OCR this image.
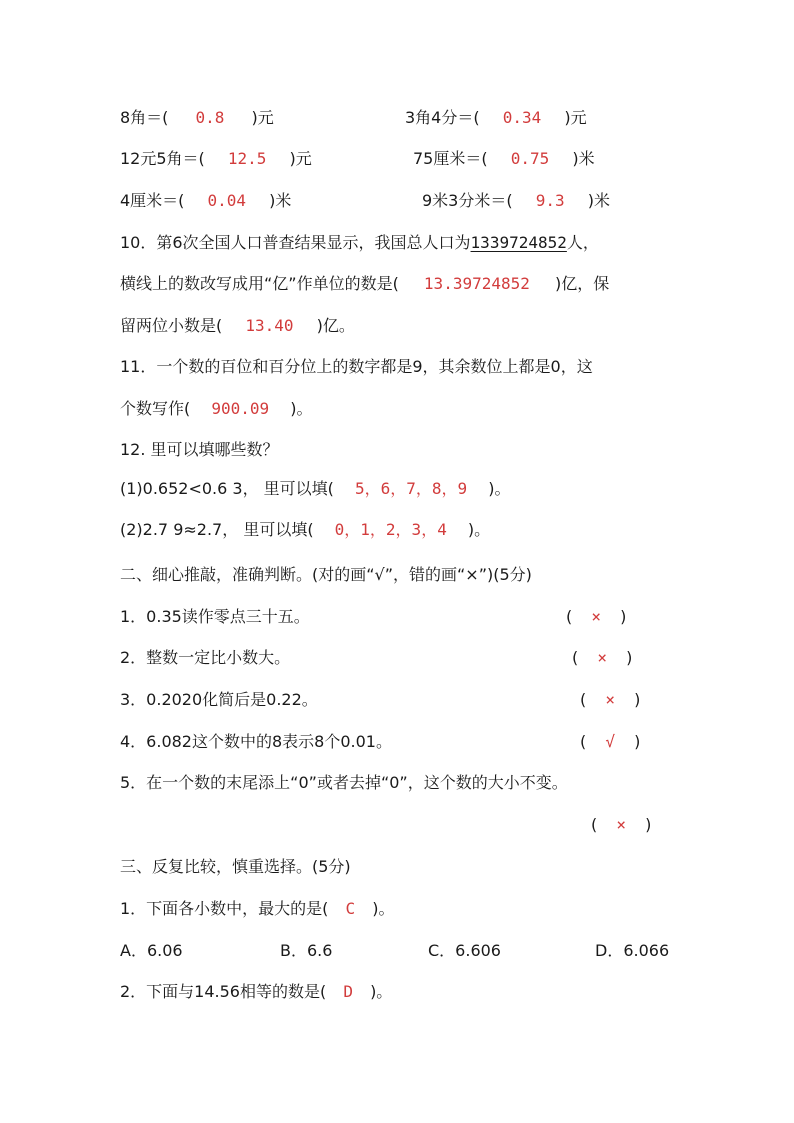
8角＝( 0.8 )元	3角4分＝( 0.34 )元
12元5角＝( 12.5 )元	75厘米＝( 0.75 )米
4厘米＝( 0.04 )米	9米3分米＝( 9.3 )米
10．第6次全国人口普查结果显示，我国总人口为1339724852人，
横线上的数改写成用“亿”作单位的数是( 13.39724852 )亿，保
留两位小数是( 13.40 )亿。
11．一个数的百位和百分位上的数字都是9，其余数位上都是0，这
个数写作( 900.09 )。
12. 里可以填哪些数？
(1)0.652<0.6 3， 里可以填( 5，6，7，8，9 )。
(2)2.7 9≈2.7， 里可以填( 0，1，2，3，4 )。
二、细心推敲，准确判断。(对的画“√”，错的画“×”)(5分)
1．0.35读作零点三十五。	( × )
2．整数一定比小数大。	( × )
3．0.2020化简后是0.22。	( × )
4．6.082这个数中的8表示8个0.01。	( √ )
5．在一个数的末尾添上“0”或者去掉“0”，这个数的大小不变。
( × )
三、反复比较，慎重选择。(5分)
1．下面各小数中，最大的是( C )。
A．6.06	B．6.6	C．6.606	D．6.066
2．下面与14.56相等的数是( D )。
